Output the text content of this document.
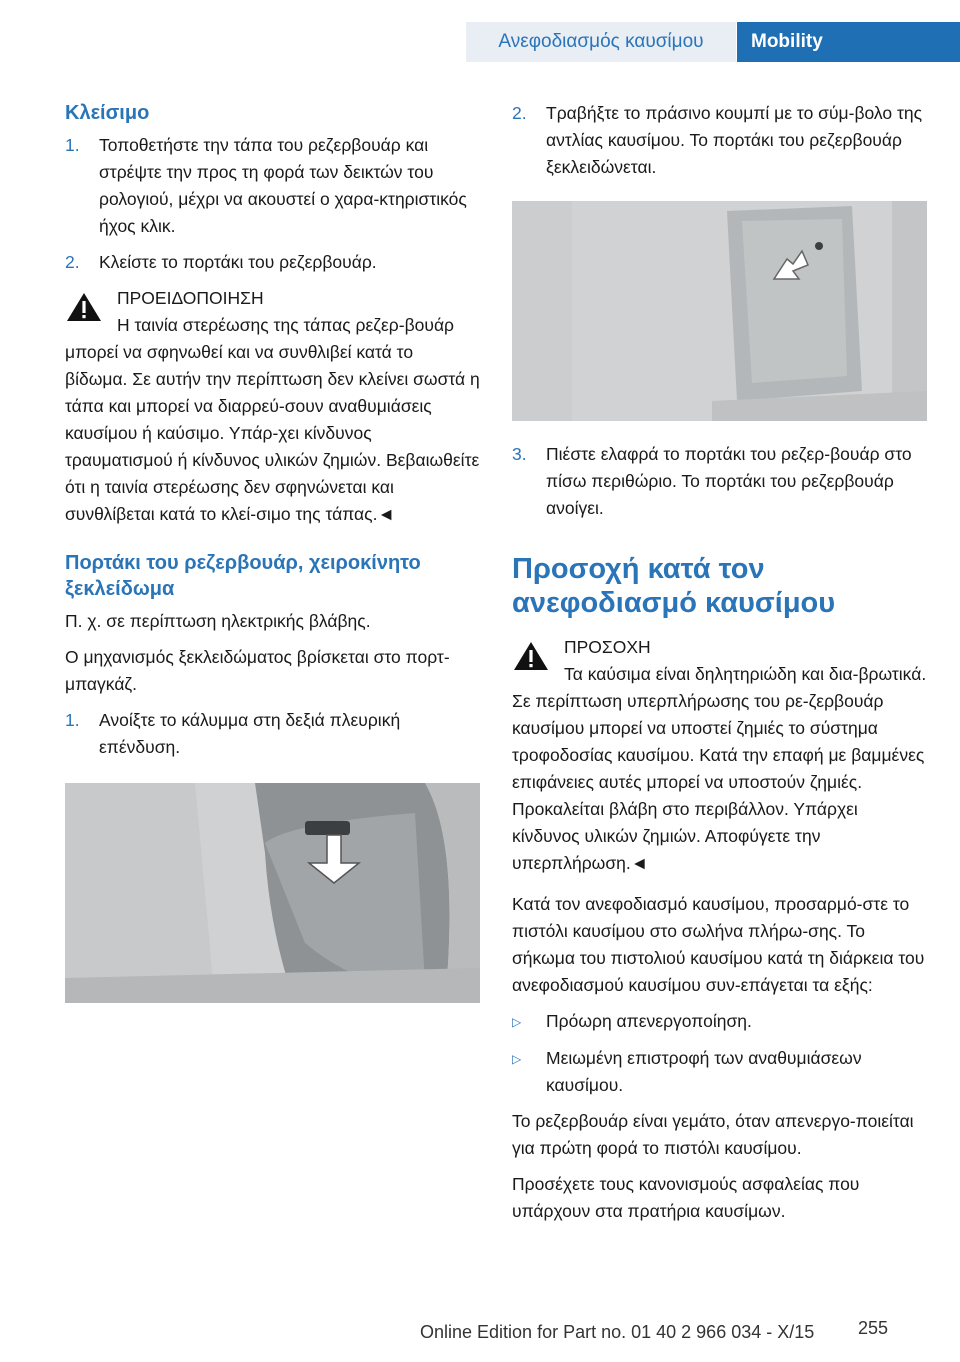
Ανεφοδιασμός καυσίμου Mobility
Κλείσιμο
1.	Τοποθετήστε την τάπα του ρεζερβουάρ και στρέψτε την προς τη φορά των δεικτών του ρολογιού, μέχρι να ακουστεί ο χαρα-κτηριστικός ήχος κλικ.
2.	Κλείστε το πορτάκι του ρεζερβουάρ.
ΠΡΟΕΙΔΟΠΟΙΗΣΗ
Η ταινία στερέωσης της τάπας ρεζερ-βουάρ μπορεί να σφηνωθεί και να συνθλιβεί κατά το βίδωμα. Σε αυτήν την περίπτωση δεν κλείνει σωστά η τάπα και μπορεί να διαρρεύ-σουν αναθυμιάσεις καυσίμου ή καύσιμο. Υπάρ-χει κίνδυνος τραυματισμού ή κίνδυνος υλικών ζημιών. Βεβαιωθείτε ότι η ταινία στερέωσης δεν σφηνώνεται και συνθλίβεται κατά το κλεί-σιμο της τάπας.◄
Πορτάκι του ρεζερβουάρ, χειροκίνητο ξεκλείδωμα
Π. χ. σε περίπτωση ηλεκτρικής βλάβης.
Ο μηχανισμός ξεκλειδώματος βρίσκεται στο πορτ-μπαγκάζ.
1.	Ανοίξτε το κάλυμμα στη δεξιά πλευρική επένδυση.
2.	Τραβήξτε το πράσινο κουμπί με το σύμ-βολο της αντλίας καυσίμου. Το πορτάκι του ρεζερβουάρ ξεκλειδώνεται.
3.	Πιέστε ελαφρά το πορτάκι του ρεζερ-βουάρ στο πίσω περιθώριο. Το πορτάκι του ρεζερβουάρ ανοίγει.
Προσοχή κατά τον ανεφοδιασμό καυσίμου
ΠΡΟΣΟΧΗ
Τα καύσιμα είναι δηλητηριώδη και δια-βρωτικά. Σε περίπτωση υπερπλήρωσης του ρε-ζερβουάρ καυσίμου μπορεί να υποστεί ζημιές το σύστημα τροφοδοσίας καυσίμου. Κατά την επαφή με βαμμένες επιφάνειες αυτές μπορεί να υποστούν ζημιές. Προκαλείται βλάβη στο περιβάλλον. Υπάρχει κίνδυνος υλικών ζημιών. Αποφύγετε την υπερπλήρωση.◄
Κατά τον ανεφοδιασμό καυσίμου, προσαρμό-στε το πιστόλι καυσίμου στο σωλήνα πλήρω-σης. Το σήκωμα του πιστολιού καυσίμου κατά τη διάρκεια του ανεφοδιασμού καυσίμου συν-επάγεται τα εξής:
▷	Πρόωρη απενεργοποίηση.
▷	Μειωμένη επιστροφή των αναθυμιάσεων καυσίμου.
Το ρεζερβουάρ είναι γεμάτο, όταν απενεργο-ποιείται για πρώτη φορά το πιστόλι καυσίμου.
Προσέχετε τους κανονισμούς ασφαλείας που υπάρχουν στα πρατήρια καυσίμων.
Online Edition for Part no. 01 40 2 966 034 - X/15 255
